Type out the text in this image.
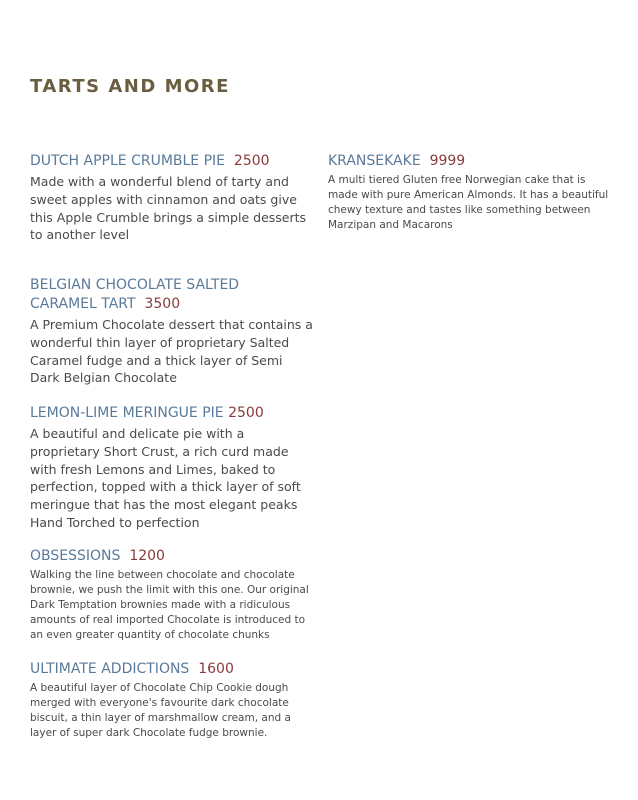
TARTS AND MORE
DUTCH APPLE CRUMBLE PIE 2500
Made with a wonderful blend of tarty and sweet apples with cinnamon and oats give this Apple Crumble brings a simple desserts to another level
BELGIAN CHOCOLATE SALTED CARAMEL TART 3500
A Premium Chocolate dessert that contains a wonderful thin layer of proprietary Salted Caramel fudge and a thick layer of Semi Dark Belgian Chocolate
LEMON-LIME MERINGUE PIE 2500
A beautiful and delicate pie with a proprietary Short Crust, a rich curd made with fresh Lemons and Limes, baked to perfection, topped with a thick layer of soft meringue that has the most elegant peaks Hand Torched to perfection
OBSESSIONS 1200
Walking the line between chocolate and chocolate brownie, we push the limit with this one. Our original Dark Temptation brownies made with a ridiculous amounts of real imported Chocolate is introduced to an even greater quantity of chocolate chunks
ULTIMATE ADDICTIONS 1600
A beautiful layer of Chocolate Chip Cookie dough merged with everyone's favourite dark chocolate biscuit, a thin layer of marshmallow cream, and a layer of super dark Chocolate fudge brownie.
KRANSEKAKE 9999
A multi tiered Gluten free Norwegian cake that is made with pure American Almonds. It has a beautiful chewy texture and tastes like something between Marzipan and Macarons
